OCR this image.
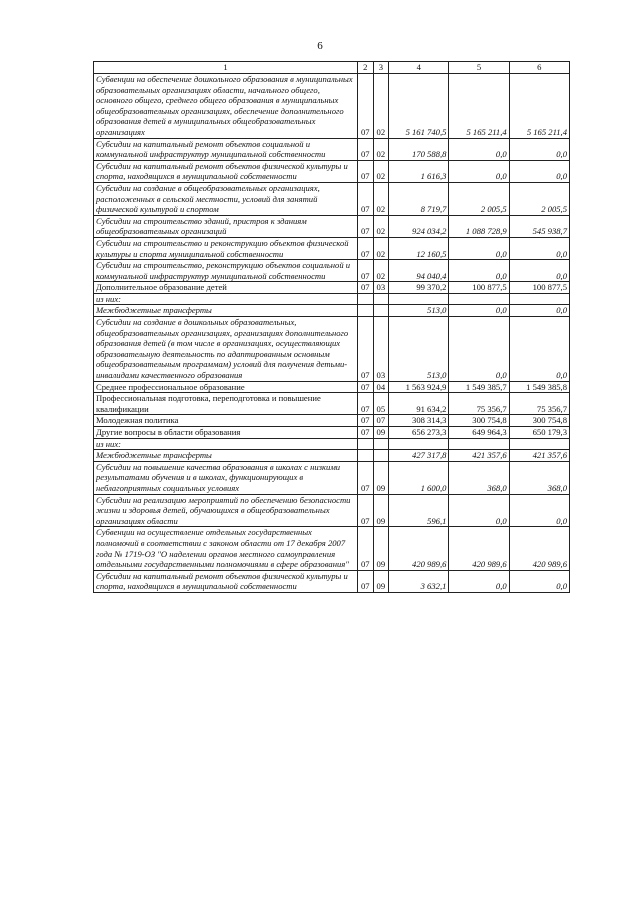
6
1	2	3	4	5	6
Субвенции на обеспечение дошкольного образования в муниципальных образовательных организациях области, начального общего, основного общего, среднего общего образования в муниципальных общеобразовательных организациях, обеспечение дополнительного образования детей в муниципальных общеобразовательных организациях	07	02	5 161 740,5	5 165 211,4	5 165 211,4
Субсидии на капитальный ремонт объектов социальной и коммунальной инфраструктур муниципальной собственности	07	02	170 588,8	0,0	0,0
Субсидии на капитальный ремонт объектов физической культуры и спорта, находящихся в муниципальной собственности	07	02	1 616,3	0,0	0,0
Субсидии на создание в общеобразовательных организациях, расположенных в сельской местности, условий для занятий физической культурой и спортом	07	02	8 719,7	2 005,5	2 005,5
Субсидии на строительство зданий, пристроя к зданиям общеобразовательных организаций	07	02	924 034,2	1 088 728,9	545 938,7
Субсидии на строительство и реконструкцию объектов физической культуры и спорта муниципальной собственности	07	02	12 160,5	0,0	0,0
Субсидии на строительство, реконструкцию объектов социальной и коммунальной инфраструктур муниципальной собственности	07	02	94 040,4	0,0	0,0
Дополнительное образование детей	07	03	99 370,2	100 877,5	100 877,5
из них:					
Межбюджетные трансферты			513,0	0,0	0,0
Субсидии на создание в дошкольных образовательных, общеобразовательных организациях, организациях дополнительного образования детей (в том числе в организациях, осуществляющих образовательную деятельность по адаптированным основным общеобразовательным программам) условий для получения детьми-инвалидами качественного образования	07	03	513,0	0,0	0,0
Среднее профессиональное образование	07	04	1 563 924,9	1 549 385,7	1 549 385,8
Профессиональная подготовка, переподготовка и повышение квалификации	07	05	91 634,2	75 356,7	75 356,7
Молодежная политика	07	07	308 314,3	300 754,8	300 754,8
Другие вопросы в области образования	07	09	656 273,3	649 964,3	650 179,3
из них:					
Межбюджетные трансферты			427 317,8	421 357,6	421 357,6
Субсидии на повышение качества образования в школах с низкими результатами обучения и в школах, функционирующих в неблагоприятных социальных условиях	07	09	1 600,0	368,0	368,0
Субсидии на реализацию мероприятий по обеспечению безопасности жизни и здоровья детей, обучающихся в общеобразовательных организациях области	07	09	596,1	0,0	0,0
Субвенции на осуществление отдельных государственных полномочий в соответствии с законом области от 17 декабря 2007 года № 1719-ОЗ "О наделении органов местного самоуправления отдельными государственными полномочиями в сфере образования"	07	09	420 989,6	420 989,6	420 989,6
Субсидии на капитальный ремонт объектов физической культуры и спорта, находящихся в муниципальной собственности	07	09	3 632,1	0,0	0,0
